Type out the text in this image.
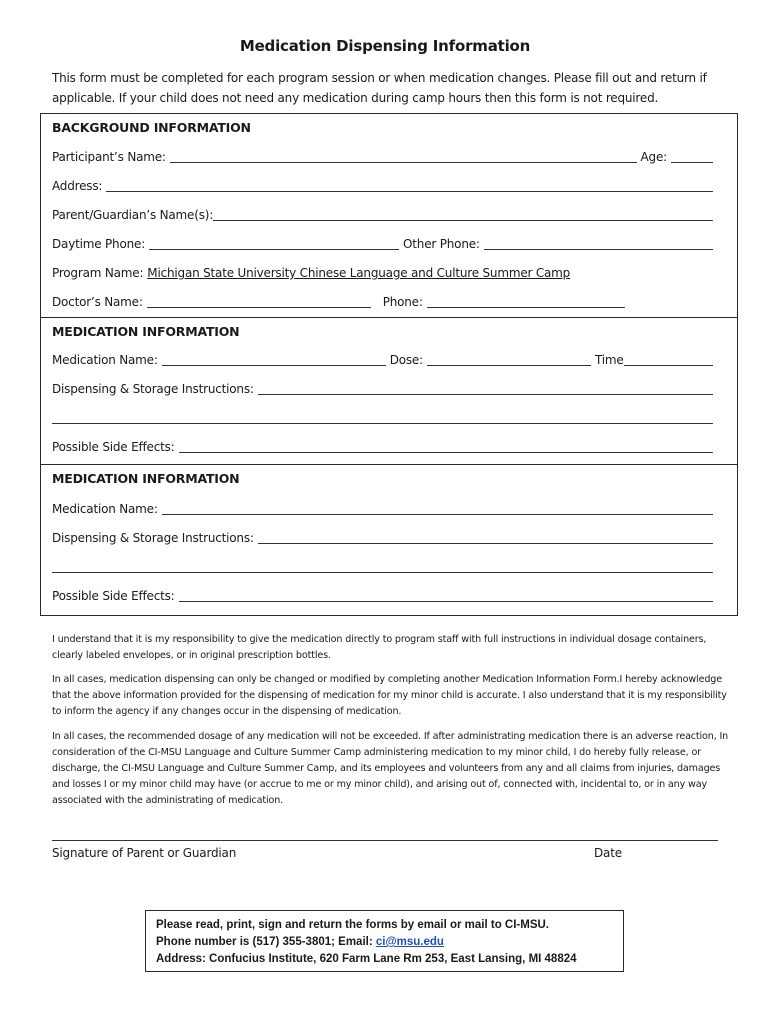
Medication Dispensing Information
This form must be completed for each program session or when medication changes. Please fill out and return if applicable. If your child does not need any medication during camp hours then this form is not required.
BACKGROUND INFORMATION
Participant’s Name:	Age:
Address:
Parent/Guardian’s Name(s):
Daytime Phone:	Other Phone:
Program Name: Michigan State University Chinese Language and Culture Summer Camp
Doctor’s Name:	Phone:
MEDICATION INFORMATION
Medication Name:	Dose:	Time
Dispensing & Storage Instructions:
Possible Side Effects:
MEDICATION INFORMATION
Medication Name:
Dispensing & Storage Instructions:
Possible Side Effects:
I understand that it is my responsibility to give the medication directly to program staff with full instructions in individual dosage containers, clearly labeled envelopes, or in original prescription bottles.
In all cases, medication dispensing can only be changed or modified by completing another Medication Information Form.I hereby acknowledge that the above information provided for the dispensing of medication for my minor child is accurate. I also understand that it is my responsibility to inform the agency if any changes occur in the dispensing of medication.
In all cases, the recommended dosage of any medication will not be exceeded. If after administrating medication there is an adverse reaction, In consideration of the CI-MSU Language and Culture Summer Camp administering medication to my minor child, I do hereby fully release, or discharge, the CI-MSU Language and Culture Summer Camp, and its employees and volunteers from any and all claims from injuries, damages and losses I or my minor child may have (or accrue to me or my minor child), and arising out of, connected with, incidental to, or in any way associated with the administrating of medication.
Signature of Parent or Guardian	Date
Please read, print, sign and return the forms by email or mail to CI-MSU.
Phone number is (517) 355-3801; Email: ci@msu.edu
Address: Confucius Institute, 620 Farm Lane Rm 253, East Lansing, MI 48824
